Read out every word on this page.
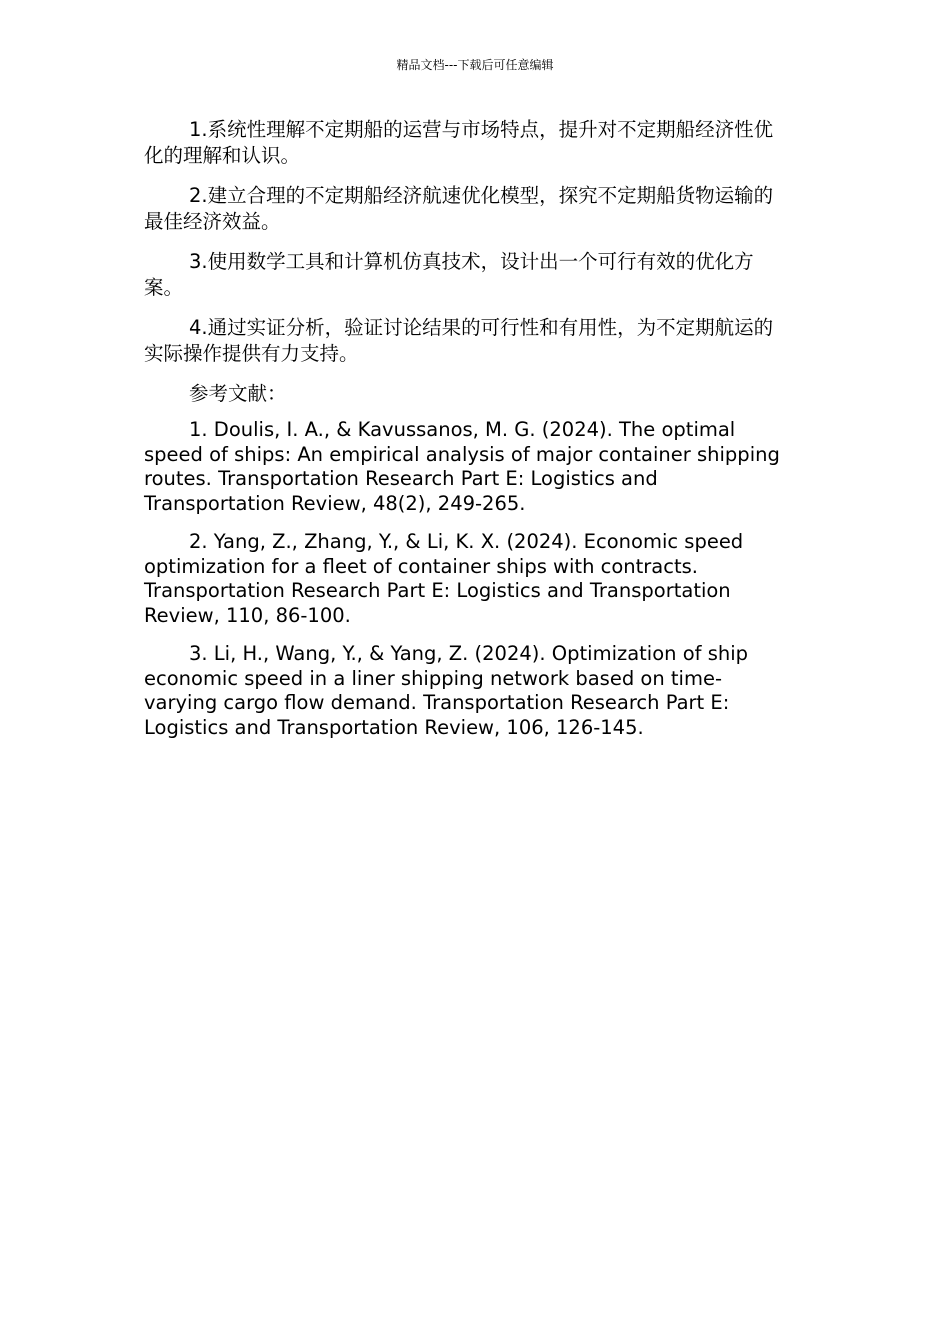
精品文档---下载后可任意编辑

1.系统性理解不定期船的运营与市场特点，提升对不定期船经济性优化的理解和认识。

2.建立合理的不定期船经济航速优化模型，探究不定期船货物运输的最佳经济效益。

3.使用数学工具和计算机仿真技术，设计出一个可行有效的优化方案。

4.通过实证分析，验证讨论结果的可行性和有用性，为不定期航运的实际操作提供有力支持。

参考文献：

1. Doulis, I. A., & Kavussanos, M. G. (2024). The optimal speed of ships: An empirical analysis of major container shipping routes. Transportation Research Part E: Logistics and Transportation Review, 48(2), 249-265.

2. Yang, Z., Zhang, Y., & Li, K. X. (2024). Economic speed optimization for a fleet of container ships with contracts. Transportation Research Part E: Logistics and Transportation Review, 110, 86-100.

3. Li, H., Wang, Y., & Yang, Z. (2024). Optimization of ship economic speed in a liner shipping network based on time-varying cargo flow demand. Transportation Research Part E: Logistics and Transportation Review, 106, 126-145.
